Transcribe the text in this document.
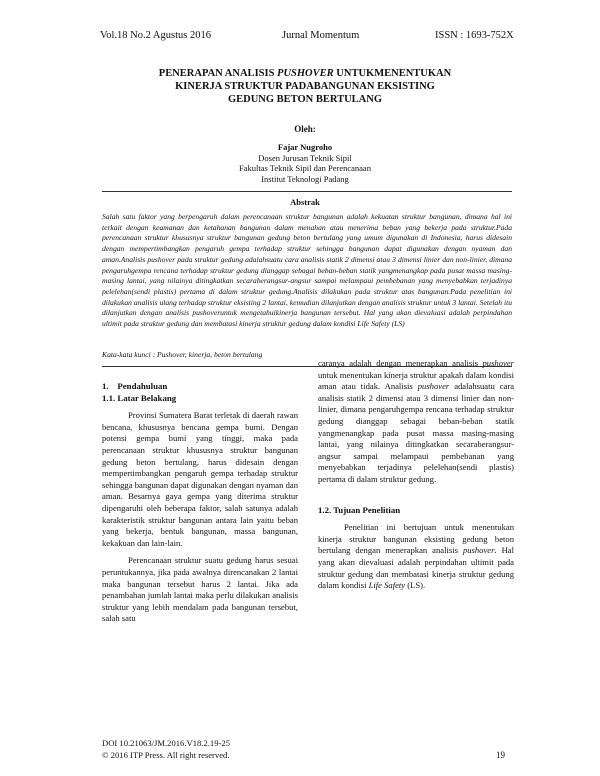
Vol.18 No.2 Agustus 2016	Jurnal Momentum	ISSN : 1693-752X
PENERAPAN ANALISIS PUSHOVER UNTUKMENENTUKAN
KINERJA STRUKTUR PADABANGUNAN EKSISTING
GEDUNG BETON BERTULANG
Oleh:
Fajar Nugroho
Dosen Jurusan Teknik Sipil
Fakultas Teknik Sipil dan Perencanaan
Institut Teknologi Padang
Abstrak
Salah satu faktor yang berpengaruh dalam perencanaan struktur bangunan adalah kekuatan struktur bangunan, dimana hal ini terkait dengan keamanan dan ketahanan bangunan dalam menahan atau menerima beban yang bekerja pada struktur.Pada perencanaan struktur khususnya struktur bangunan gedung beton bertulang yang umum digunakan di Indonesia, harus didesain dengan mempertimbangkan pengaruh gempa terhadap struktur sehingga bangunan dapat digunakan dengan nyaman dan aman.Analisis pushover pada struktur gedung adalahsuatu cara analisis statik 2 dimensi atau 3 dimensi linier dan non-linier, dimana pengaruhgempa rencana terhadap struktur gedung dianggap sebagai beban-beban statik yangmenangkap pada pusat massa masing-masing lantai, yang nilainya ditingkatkan secaraberangsur-angsur sampai melampaui pembebanan yang menyebabkan terjadinya pelelehan(sendi plastis) pertama di dalam struktur gedung.Analisis dilakukan pada struktur atas bangunan.Pada penelitian ini dilakukan analisis ulang terhadap struktur eksisting 2 lantai, kemudian dilanjutkan dengan analisis struktur untuk 3 lantai. Setelah itu dilanjutkan dengan analisis pushoveruntuk mengetahuikinerja bangunan tersebut. Hal yang akan dievaluasi adalah perpindahan ultimit pada struktur gedung dan membatasi kinerja struktur gedung dalam kondisi Life Safety (LS)
Kata-kata kunci : Pushover, kinerja, beton bertulang
1.    Pendahuluan
1.1. Latar Belakang

Provinsi Sumatera Barat terletak di daerah rawan bencana, khususnya bencana gempa bumi. Dengan potensi gempa bumi yang tinggi, maka pada perencanaan struktur khususnya struktur bangunan gedung beton bertulang, harus didesain dengan mempertimbangkan pengaruh gempa terhadap struktur sehingga bangunan dapat digunakan dengan nyaman dan aman. Besarnya gaya gempa yang diterima struktur dipengaruhi oleh beberapa faktor, salah satunya adalah karakteristik struktur bangunan antara lain yaitu beban yang bekerja, bentuk bangunan, massa bangunan, kekakuan dan lain-lain.

Perencanaan struktur suatu gedung harus sesuai peruntukannya, jika pada awalnya direncanakan 2 lantai maka bangunan tersebut harus 2 lantai. Jika ada penambahan jumlah lantai maka perlu dilakukan analisis struktur yang lebih mendalam pada bangunan tersebut, salah satu

caranya adalah dengan menerapkan analisis pushover untuk menentukan kinerja struktur apakah dalam kondisi aman atau tidak. Analisis pushover adalahsuatu cara analisis statik 2 dimensi atau 3 dimensi linier dan non-linier, dimana pengaruhgempa rencana terhadap struktur gedung dianggap sebagai beban-beban statik yangmenangkap pada pusat massa masing-masing lantai, yang nilainya ditingkatkan secaraberangsur-angsur sampai melampaui pembebanan yang menyebabkan terjadinya pelelehan(sendi plastis) pertama di dalam struktur gedung.

1.2. Tujuan Penelitian

Penelitian ini bertujuan untuk menentukan kinerja struktur bangunan eksisting gedung beton bertulang dengan menerapkan analisis pushover. Hal yang akan dievaluasi adalah perpindahan ultimit pada struktur gedung dan membatasi kinerja struktur gedung dalam kondisi Life Safety (LS).

DOI 10.21063/JM.2016.V18.2.19-25
© 2016 ITP Press. All right reserved.	19
